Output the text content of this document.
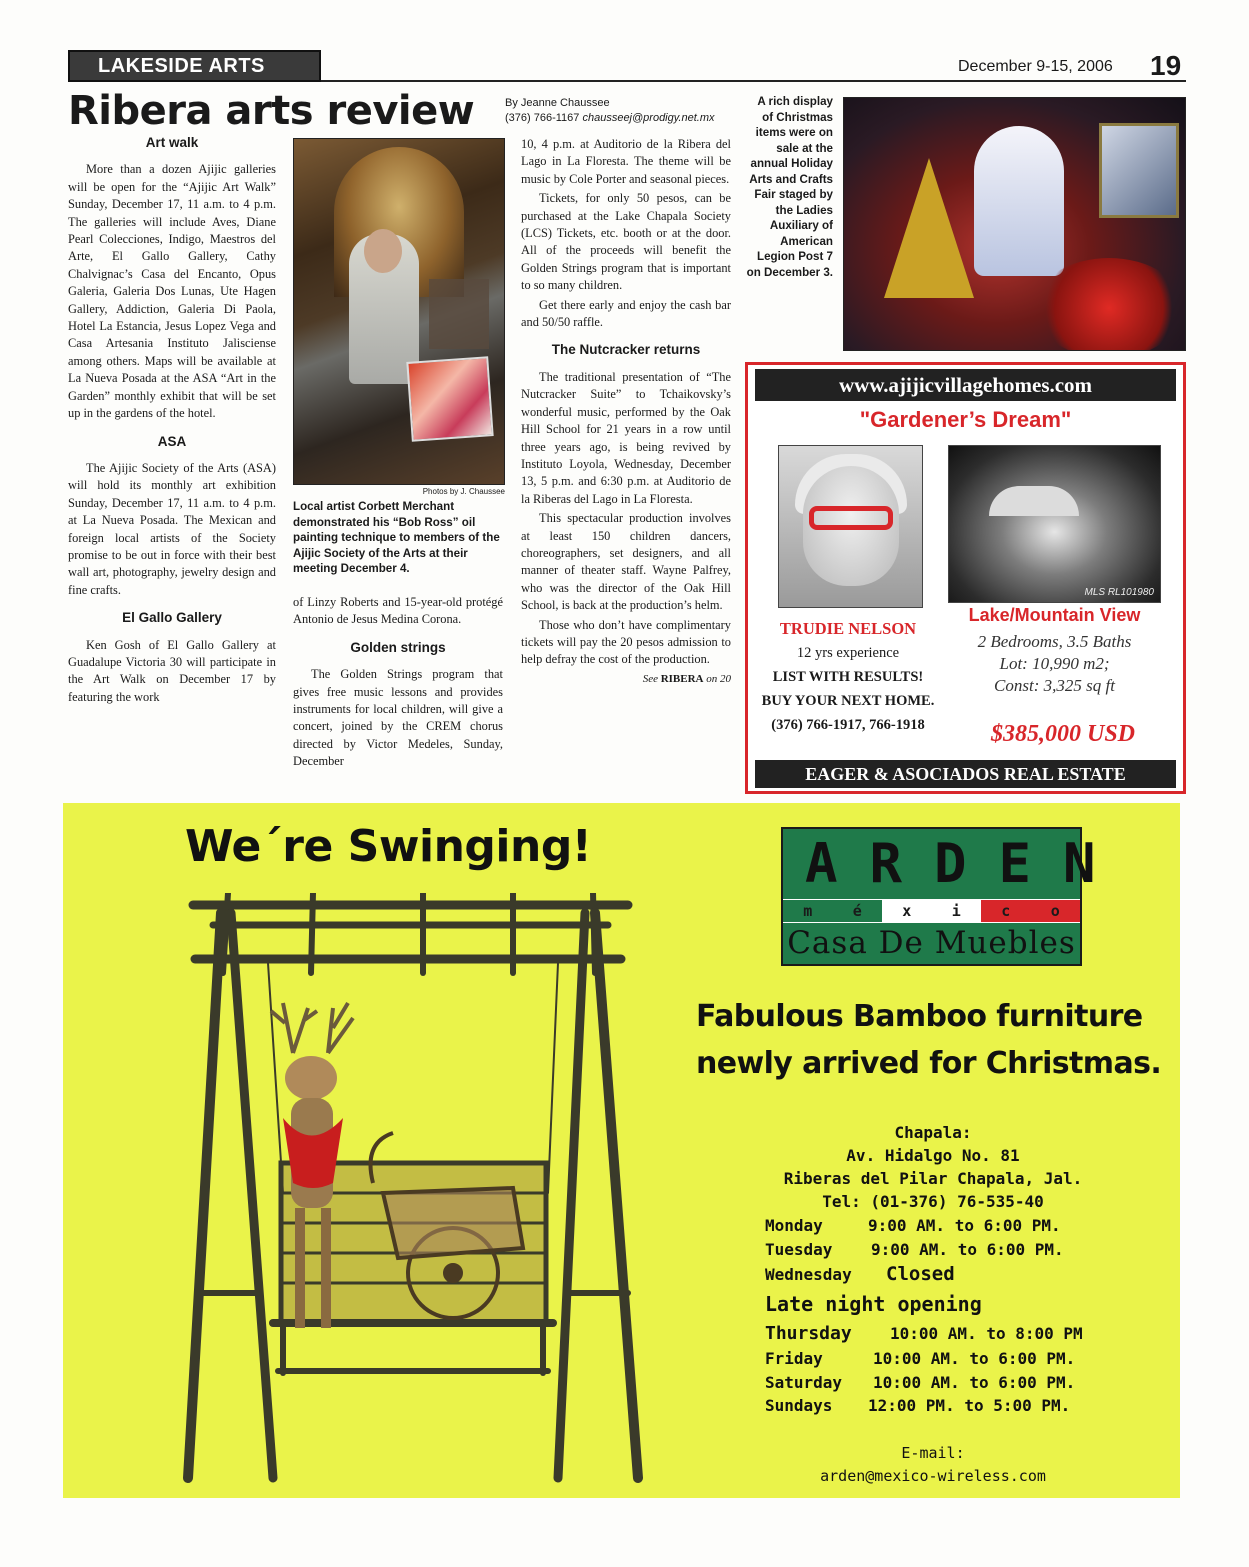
LAKESIDE ARTS	December 9-15, 2006 19
Ribera arts review	By Jeanne Chaussee
(376) 766-1167 chausseej@prodigy.net.mx
Art walk

More than a dozen Ajijic galleries will be open for the “Ajijic Art Walk” Sunday, December 17, 11 a.m. to 4 p.m. The galleries will include Aves, Diane Pearl Colecciones, Indigo, Maestros del Arte, El Gallo Gallery, Cathy Chalvignac’s Casa del Encanto, Opus Galeria, Galeria Dos Lunas, Ute Hagen Gallery, Addiction, Galeria Di Paola, Hotel La Estancia, Jesus Lopez Vega and Casa Artesania Instituto Jalisciense among others. Maps will be available at La Nueva Posada at the ASA “Art in the Garden” monthly exhibit that will be set up in the gardens of the hotel.

ASA

The Ajijic Society of the Arts (ASA) will hold its monthly art exhibition Sunday, December 17, 11 a.m. to 4 p.m. at La Nueva Posada. The Mexican and foreign local artists of the Society promise to be out in force with their best wall art, photography, jewelry design and fine crafts.

El Gallo Gallery

Ken Gosh of El Gallo Gallery at Guadalupe Victoria 30 will participate in the Art Walk on December 17 by featuring the work

Photos by J. Chaussee
Local artist Corbett Merchant demonstrated his “Bob Ross” oil painting technique to members of the Ajijic Society of the Arts at their meeting December 4.

of Linzy Roberts and 15-year-old protégé Antonio de Jesus Medina Corona.

Golden strings

The Golden Strings program that gives free music lessons and provides instruments for local children, will give a concert, joined by the CREM chorus directed by Victor Medeles, Sunday, December

10, 4 p.m. at Auditorio de la Ribera del Lago in La Floresta. The theme will be music by Cole Porter and seasonal pieces.

Tickets, for only 50 pesos, can be purchased at the Lake Chapala Society (LCS) Tickets, etc. booth or at the door. All of the proceeds will benefit the Golden Strings program that is important to so many children.

Get there early and enjoy the cash bar and 50/50 raffle.

The Nutcracker returns

The traditional presentation of “The Nutcracker Suite” to Tchaikovsky’s wonderful music, performed by the Oak Hill School for 21 years in a row until three years ago, is being revived by Instituto Loyola, Wednesday, December 13, 5 p.m. and 6:30 p.m. at Auditorio de la Riberas del Lago in La Floresta.

This spectacular production involves at least 150 children dancers, choreographers, set designers, and all manner of theater staff. Wayne Palfrey, who was the director of the Oak Hill School, is back at the production’s helm.

Those who don’t have complimentary tickets will pay the 20 pesos admission to help defray the cost of the production.

See RIBERA on 20
A rich display of Christmas items were on sale at the annual Holiday Arts and Crafts Fair staged by the Ladies Auxiliary of American Legion Post 7 on December 3.
www.ajijicvillagehomes.com
"Gardener’s Dream"
MLS RL101980
TRUDIE NELSON
12 yrs experience
LIST WITH RESULTS!
BUY YOUR NEXT HOME.
(376) 766-1917, 766-1918
Lake/Mountain View
2 Bedrooms, 3.5 Baths
Lot: 10,990 m2;
Const: 3,325 sq ft
$385,000 USD
EAGER & ASOCIADOS REAL ESTATE
We´re Swinging!	ARDEN
m	é	x	i	c	o
Casa De Muebles
Fabulous Bamboo furniture
newly arrived for Christmas.
Chapala:
Av. Hidalgo No. 81
Riberas del Pilar Chapala, Jal.
Tel: (01-376) 76-535-40
Monday	9:00 AM. to 6:00 PM.
Tuesday 9:00 AM. to 6:00 PM.
Wednesday Closed
Late night opening
Thursday 10:00 AM. to 8:00 PM
Friday	10:00 AM. to 6:00 PM.
Saturday 10:00 AM. to 6:00 PM.
Sundays 12:00 PM. to 5:00 PM.
E-mail:
arden@mexico-wireless.com
